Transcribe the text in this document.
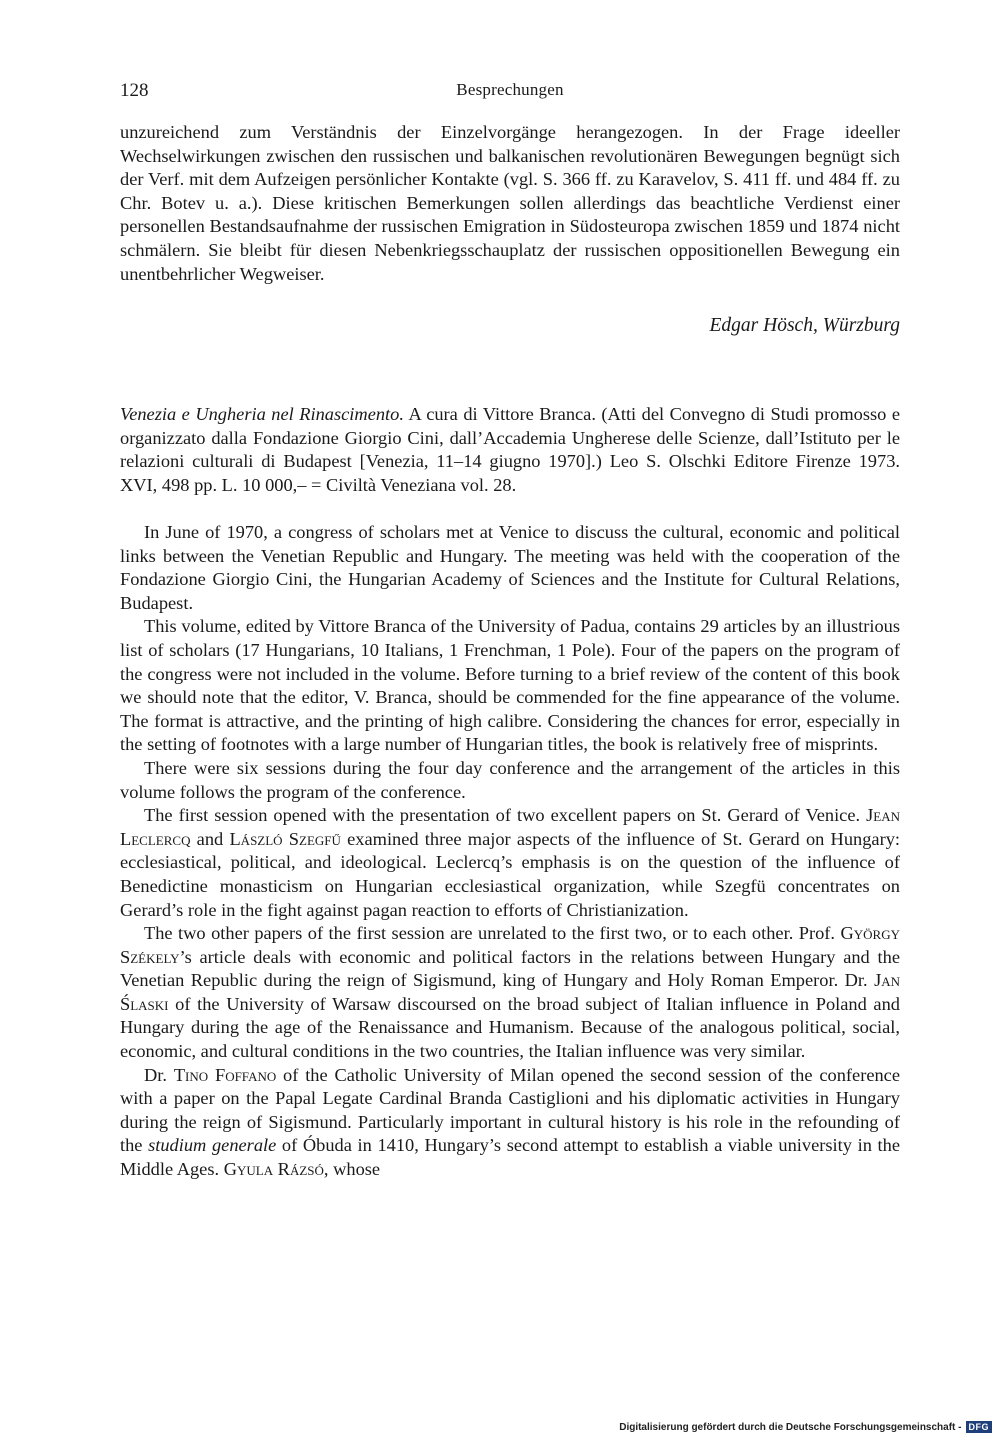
128	Besprechungen

unzureichend zum Verständnis der Einzelvorgänge herangezogen. In der Frage ideeller Wechselwirkungen zwischen den russischen und balkanischen revolutionären Bewegungen begnügt sich der Verf. mit dem Aufzeigen persönlicher Kontakte (vgl. S. 366 ff. zu Karavelov, S. 411 ff. und 484 ff. zu Chr. Botev u. a.). Diese kritischen Bemerkungen sollen allerdings das beachtliche Verdienst einer personellen Bestandsaufnahme der russischen Emigration in Südosteuropa zwischen 1859 und 1874 nicht schmälern. Sie bleibt für diesen Nebenkriegsschauplatz der russischen oppositionellen Bewegung ein unentbehrlicher Wegweiser.

Edgar Hösch, Würzburg

Venezia e Ungheria nel Rinascimento. A cura di Vittore Branca. (Atti del Convegno di Studi promosso e organizzato dalla Fondazione Giorgio Cini, dall’Accademia Ungherese delle Scienze, dall’Istituto per le relazioni culturali di Budapest [Venezia, 11–14 giugno 1970].) Leo S. Olschki Editore Firenze 1973. XVI, 498 pp. L. 10 000,– = Civiltà Veneziana vol. 28.

In June of 1970, a congress of scholars met at Venice to discuss the cultural, economic and political links between the Venetian Republic and Hungary. The meeting was held with the cooperation of the Fondazione Giorgio Cini, the Hungarian Academy of Sciences and the Institute for Cultural Relations, Budapest.

This volume, edited by Vittore Branca of the University of Padua, contains 29 articles by an illustrious list of scholars (17 Hungarians, 10 Italians, 1 Frenchman, 1 Pole). Four of the papers on the program of the congress were not included in the volume. Before turning to a brief review of the content of this book we should note that the editor, V. Branca, should be commended for the fine appearance of the volume. The format is attractive, and the printing of high calibre. Considering the chances for error, especially in the setting of footnotes with a large number of Hungarian titles, the book is relatively free of misprints.

There were six sessions during the four day conference and the arrangement of the articles in this volume follows the program of the conference.

The first session opened with the presentation of two excellent papers on St. Gerard of Venice. Jean Leclercq and László Szegfű examined three major aspects of the influence of St. Gerard on Hungary: ecclesiastical, political, and ideological. Leclercq’s emphasis is on the question of the influence of Benedictine monasticism on Hungarian ecclesiastical organization, while Szegfü concentrates on Gerard’s role in the fight against pagan reaction to efforts of Christianization.

The two other papers of the first session are unrelated to the first two, or to each other. Prof. György Székely’s article deals with economic and political factors in the relations between Hungary and the Venetian Republic during the reign of Sigismund, king of Hungary and Holy Roman Emperor. Dr. Jan Ślaski of the University of Warsaw discoursed on the broad subject of Italian influence in Poland and Hungary during the age of the Renaissance and Humanism. Because of the analogous political, social, economic, and cultural conditions in the two countries, the Italian influence was very similar.

Dr. Tino Foffano of the Catholic University of Milan opened the second session of the conference with a paper on the Papal Legate Cardinal Branda Castiglioni and his diplomatic activities in Hungary during the reign of Sigismund. Particularly important in cultural history is his role in the refounding of the studium generale of Óbuda in 1410, Hungary’s second attempt to establish a viable university in the Middle Ages. Gyula Rázsó, whose

Digitalisierung gefördert durch die Deutsche Forschungsgemeinschaft - DFG
